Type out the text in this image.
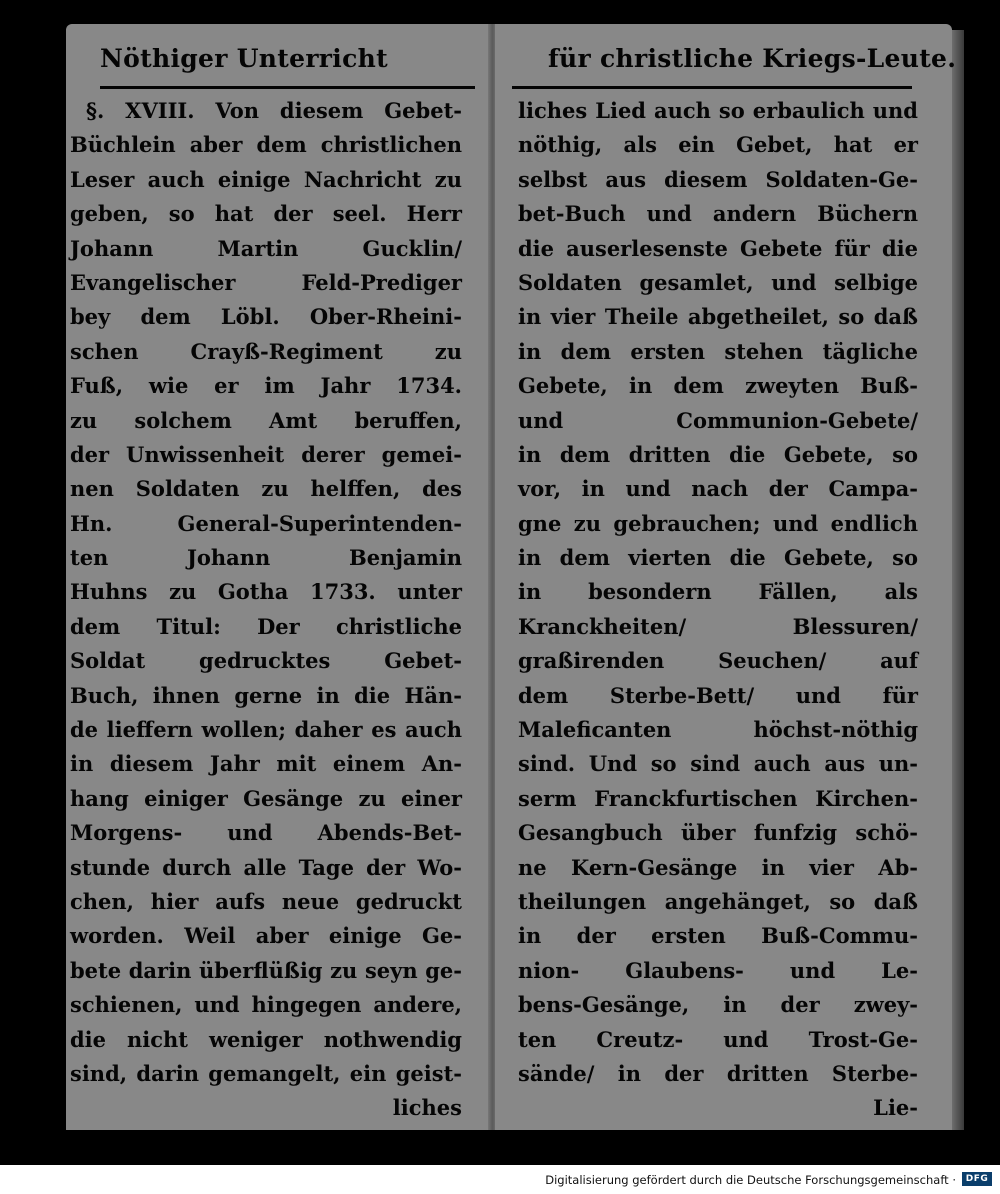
Nöthiger Unterricht	für christliche Kriegs-Leute.
§. XVIII. Von diesem Gebet-
Büchlein aber dem christlichen
Leser auch einige Nachricht zu
geben, so hat der seel. Herr
Johann Martin Gucklin/
Evangelischer Feld-Prediger
bey dem Löbl. Ober-Rheini-
schen Crayß-Regiment zu
Fuß, wie er im Jahr 1734.
zu solchem Amt beruffen,
der Unwissenheit derer gemei-
nen Soldaten zu helffen, des
Hn. General-Superintenden-
ten Johann Benjamin
Huhns zu Gotha 1733. unter
dem Titul: Der christliche
Soldat gedrucktes Gebet-
Buch, ihnen gerne in die Hän-
de lieffern wollen; daher es auch
in diesem Jahr mit einem An-
hang einiger Gesänge zu einer
Morgens- und Abends-Bet-
stunde durch alle Tage der Wo-
chen, hier aufs neue gedruckt
worden. Weil aber einige Ge-
bete darin überflüßig zu seyn ge-
schienen, und hingegen andere,
die nicht weniger nothwendig
sind, darin gemangelt, ein geist-
liches
liches Lied auch so erbaulich und
nöthig, als ein Gebet, hat er
selbst aus diesem Soldaten-Ge-
bet-Buch und andern Büchern
die auserlesenste Gebete für die
Soldaten gesamlet, und selbige
in vier Theile abgetheilet, so daß
in dem ersten stehen tägliche
Gebete, in dem zweyten Buß-
und Communion-Gebete/
in dem dritten die Gebete, so
vor, in und nach der Campa-
gne zu gebrauchen; und endlich
in dem vierten die Gebete, so
in besondern Fällen, als
Kranckheiten/ Blessuren/
graßirenden Seuchen/ auf
dem Sterbe-Bett/ und für
Maleficanten höchst-nöthig
sind. Und so sind auch aus un-
serm Franckfurtischen Kirchen-
Gesangbuch über funfzig schö-
ne Kern-Gesänge in vier Ab-
theilungen angehänget, so daß
in der ersten Buß-Commu-
nion- Glaubens- und Le-
bens-Gesänge, in der zwey-
ten Creutz- und Trost-Ge-
sände/ in der dritten Sterbe-
Lie-

Digitalisierung gefördert durch die Deutsche Forschungsgemeinschaft ·	DFG
